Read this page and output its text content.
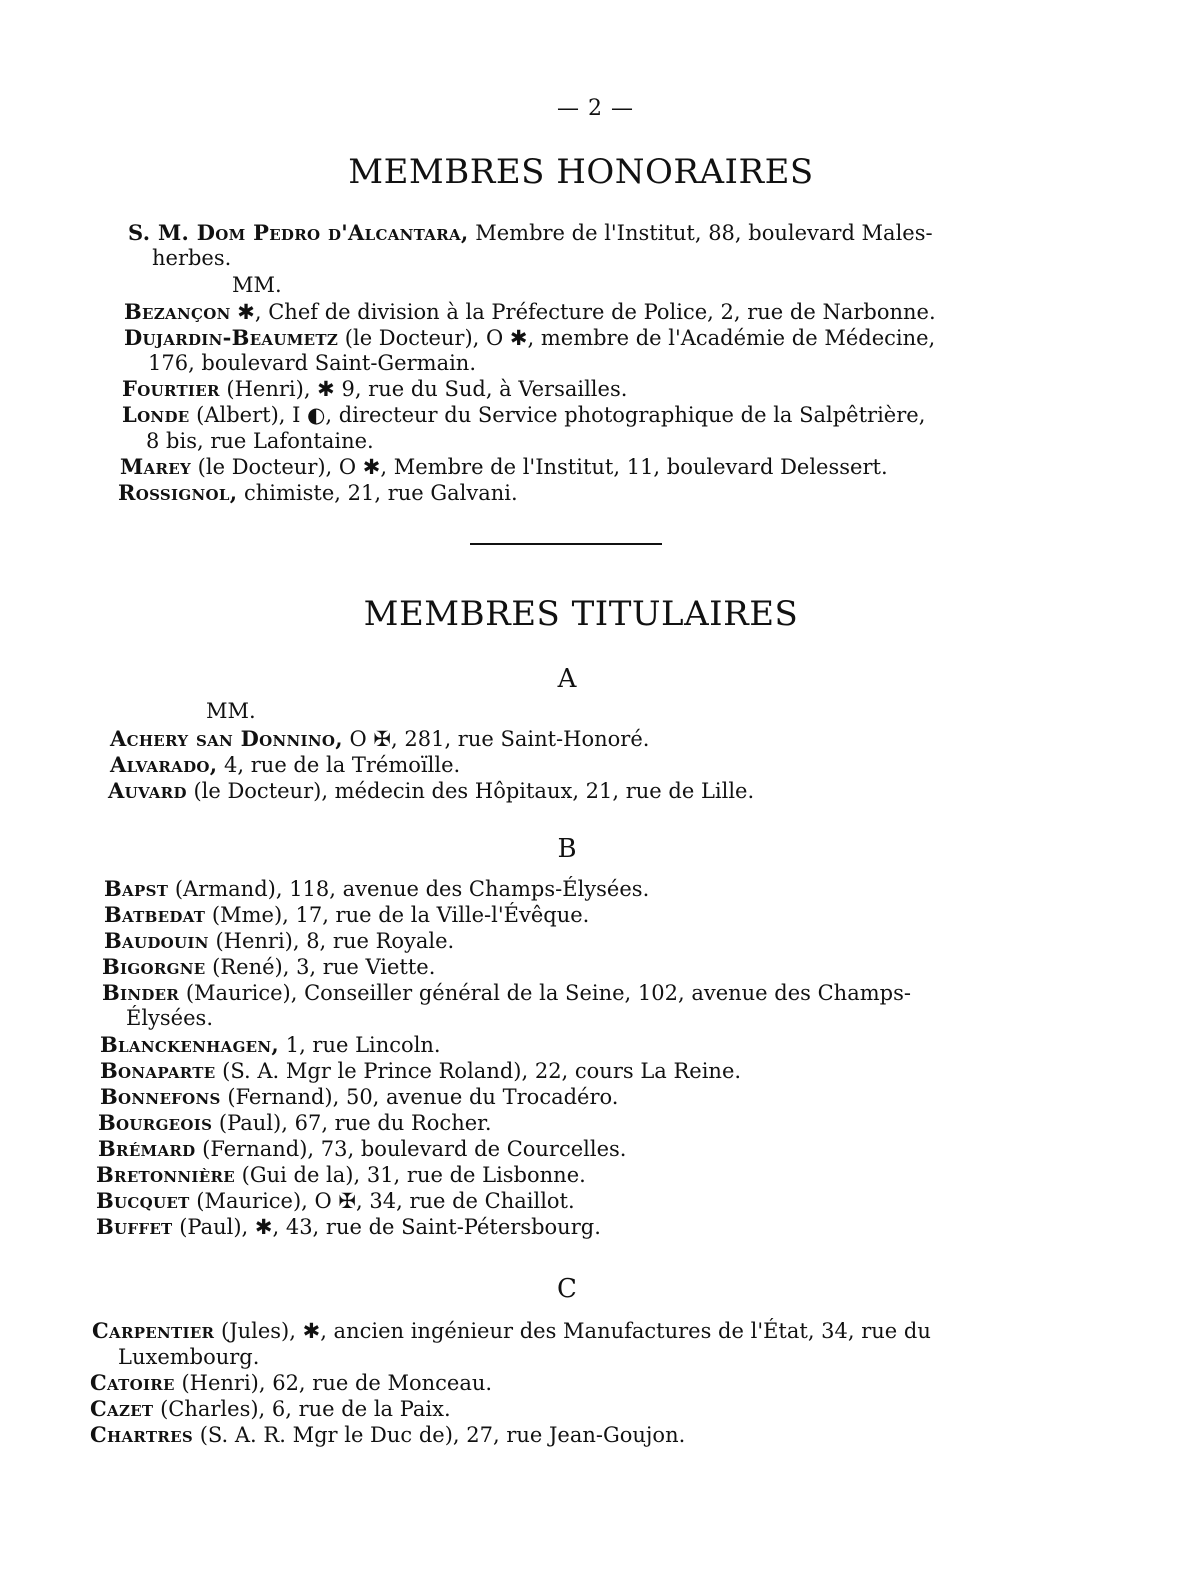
— 2 —
MEMBRES HONORAIRES
S. M. Dom Pedro d'Alcantara, Membre de l'Institut, 88, boulevard Males-
herbes.
MM.
Bezançon ✱, Chef de division à la Préfecture de Police, 2, rue de Narbonne.
Dujardin-Beaumetz (le Docteur), O ✱, membre de l'Académie de Médecine,
176, boulevard Saint-Germain.
Fourtier (Henri), ✱ 9, rue du Sud, à Versailles.
Londe (Albert), I ◐, directeur du Service photographique de la Salpêtrière,
8 bis, rue Lafontaine.
Marey (le Docteur), O ✱, Membre de l'Institut, 11, boulevard Delessert.
Rossignol, chimiste, 21, rue Galvani.
MEMBRES TITULAIRES
A
MM.
Achery san Donnino, O ✠, 281, rue Saint-Honoré.
Alvarado, 4, rue de la Trémoïlle.
Auvard (le Docteur), médecin des Hôpitaux, 21, rue de Lille.
B
Bapst (Armand), 118, avenue des Champs-Élysées.
Batbedat (Mme), 17, rue de la Ville-l'Évêque.
Baudouin (Henri), 8, rue Royale.
Bigorgne (René), 3, rue Viette.
Binder (Maurice), Conseiller général de la Seine, 102, avenue des Champs-
Élysées.
Blanckenhagen, 1, rue Lincoln.
Bonaparte (S. A. Mgr le Prince Roland), 22, cours La Reine.
Bonnefons (Fernand), 50, avenue du Trocadéro.
Bourgeois (Paul), 67, rue du Rocher.
Brémard (Fernand), 73, boulevard de Courcelles.
Bretonnière (Gui de la), 31, rue de Lisbonne.
Bucquet (Maurice), O ✠, 34, rue de Chaillot.
Buffet (Paul), ✱, 43, rue de Saint-Pétersbourg.
C
Carpentier (Jules), ✱, ancien ingénieur des Manufactures de l'État, 34, rue du
Luxembourg.
Catoire (Henri), 62, rue de Monceau.
Cazet (Charles), 6, rue de la Paix.
Chartres (S. A. R. Mgr le Duc de), 27, rue Jean-Goujon.
